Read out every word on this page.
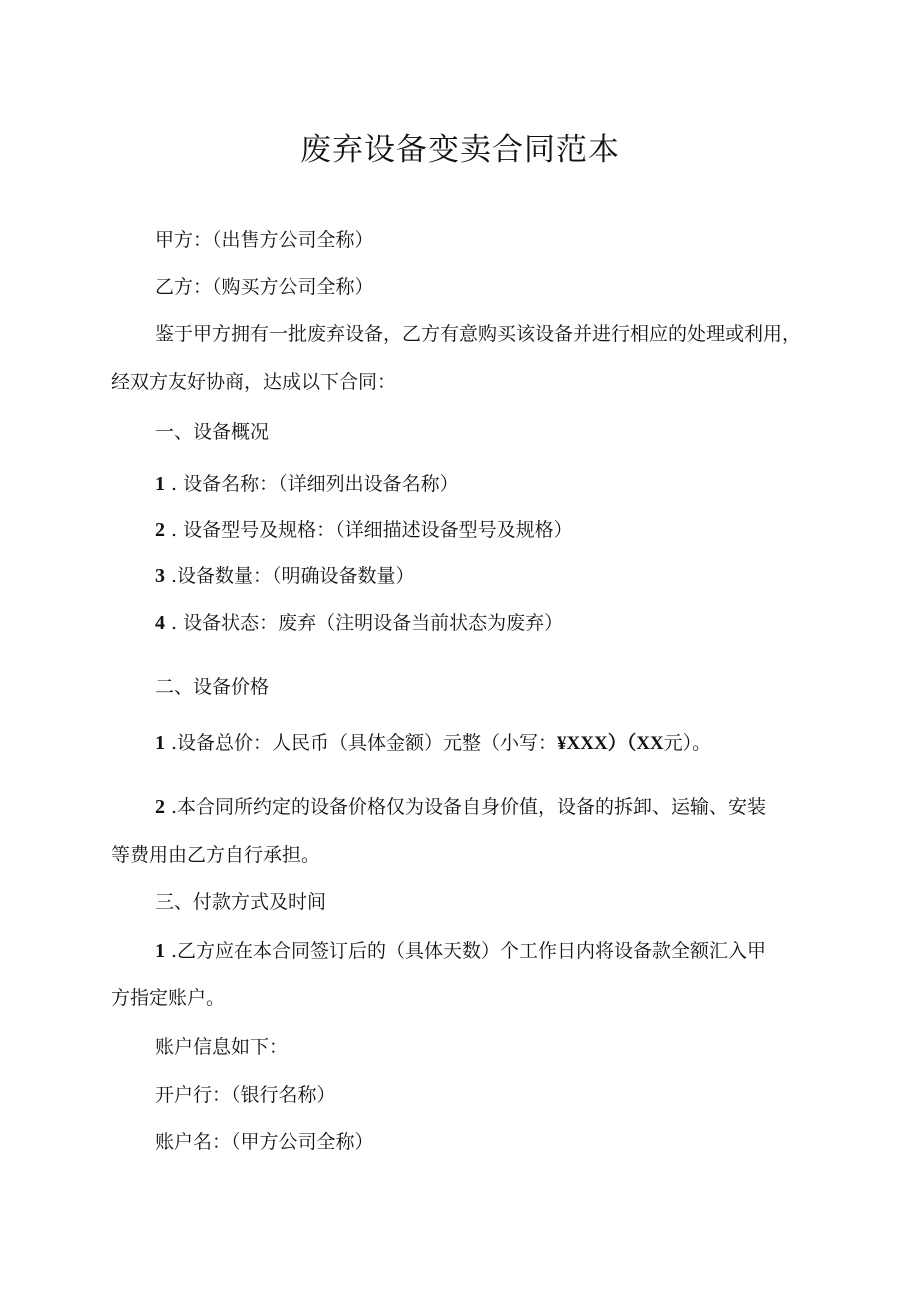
废弃设备变卖合同范本

甲方：（出售方公司全称）

乙方：（购买方公司全称）

鉴于甲方拥有一批废弃设备，乙方有意购买该设备并进行相应的处理或利用，

经双方友好协商，达成以下合同：

一、设备概况

1 . 设备名称：（详细列出设备名称）

2 . 设备型号及规格：（详细描述设备型号及规格）

3 .设备数量：（明确设备数量）

4 . 设备状态：废弃（注明设备当前状态为废弃）

二、设备价格

1 .设备总价：人民币（具体金额）元整（小写：¥XXX）（XX元）。

2 .本合同所约定的设备价格仅为设备自身价值，设备的拆卸、运输、安装

等费用由乙方自行承担。

三、付款方式及时间

1 .乙方应在本合同签订后的（具体天数）个工作日内将设备款全额汇入甲

方指定账户。

账户信息如下：

开户行：（银行名称）

账户名：（甲方公司全称）
